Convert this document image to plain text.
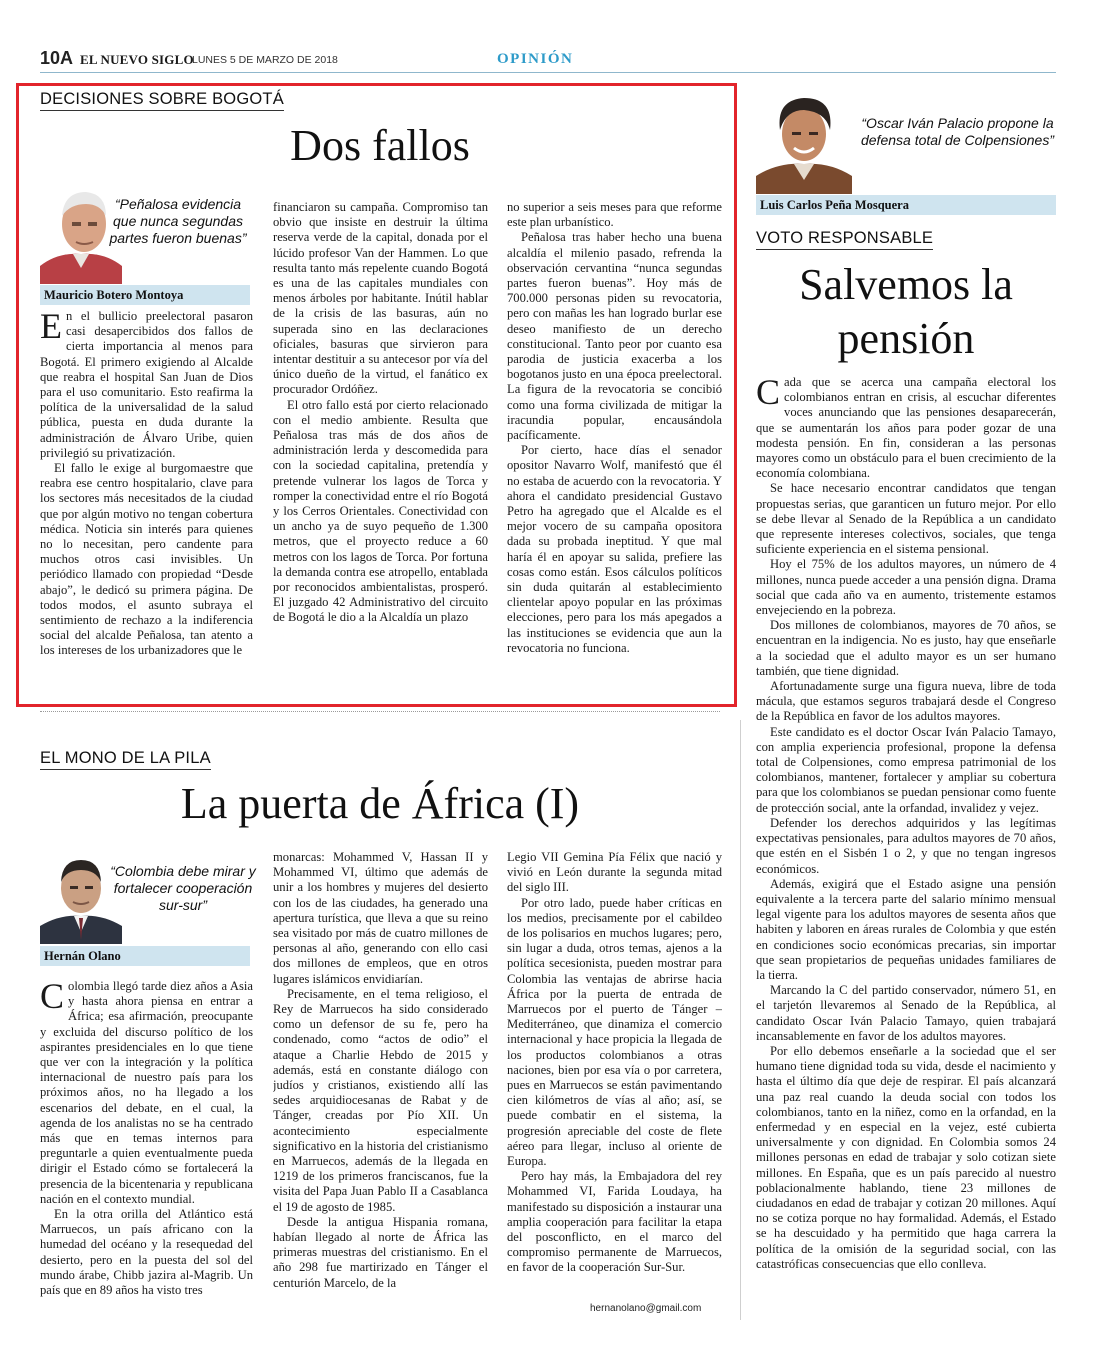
10A EL NUEVO SIGLO
LUNES 5 DE MARZO DE 2018	OPINIÓN
DECISIONES SOBRE BOGOTÁ
Dos fallos
“Peñalosa evidencia que nunca segundas partes fueron buenas”
Mauricio Botero Montoya
E n el bullicio preelectoral pasaron casi desapercibidos dos fallos de cierta importancia al menos para Bogotá. El primero exigiendo al Alcalde que reabra el hospital San Juan de Dios para el uso comunitario. Esto reafirma la política de la universalidad de la salud pública, puesta en duda durante la administración de Álvaro Uribe, quien privilegió su privatización.

El fallo le exige al burgomaestre que reabra ese centro hospitalario, clave para los sectores más necesitados de la ciudad que por algún motivo no tengan cobertura médica. Noticia sin interés para quienes no lo necesitan, pero candente para muchos otros casi invisibles. Un periódico llamado con propiedad “Desde abajo”, le dedicó su primera página. De todos modos, el asunto subraya el sentimiento de rechazo a la indiferencia social del alcalde Peñalosa, tan atento a los intereses de los urbanizadores que le

financiaron su campaña. Compromiso tan obvio que insiste en destruir la última reserva verde de la capital, donada por el lúcido profesor Van der Hammen. Lo que resulta tanto más repelente cuando Bogotá es una de las capitales mundiales con menos árboles por habitante. Inútil hablar de la crisis de las basuras, aún no superada sino en las declaraciones oficiales, basuras que sirvieron para intentar destituir a su antecesor por vía del único dueño de la virtud, el fanático ex procurador Ordóñez.

El otro fallo está por cierto relacionado con el medio ambiente. Resulta que Peñalosa tras más de dos años de administración lerda y descomedida para con la sociedad capitalina, pretendía y pretende vulnerar los lagos de Torca y romper la conectividad entre el río Bogotá y los Cerros Orientales. Conectividad con un ancho ya de suyo pequeño de 1.300 metros, que el proyecto reduce a 60 metros con los lagos de Torca. Por fortuna la demanda contra ese atropello, entablada por reconocidos ambientalistas, prosperó. El juzgado 42 Administrativo del circuito de Bogotá le dio a la Alcaldía un plazo

no superior a seis meses para que reforme este plan urbanístico.

Peñalosa tras haber hecho una buena alcaldía el milenio pasado, refrenda la observación cervantina “nunca segundas partes fueron buenas”. Hoy más de 700.000 personas piden su revocatoria, pero con mañas les han logrado burlar ese deseo manifiesto de un derecho constitucional. Tanto peor por cuanto esa parodia de justicia exacerba a los bogotanos justo en una época preelectoral. La figura de la revocatoria se concibió como una forma civilizada de mitigar la iracundia popular, encausándola pacíficamente.

Por cierto, hace días el senador opositor Navarro Wolf, manifestó que él no estaba de acuerdo con la revocatoria. Y ahora el candidato presidencial Gustavo Petro ha agregado que el Alcalde es el mejor vocero de su campaña opositora dada su probada ineptitud. Y que mal haría él en apoyar su salida, prefiere las cosas como están. Esos cálculos políticos sin duda quitarán al establecimiento clientelar apoyo popular en las próximas elecciones, pero para los más apegados a las instituciones se evidencia que aun la revocatoria no funciona.

EL MONO DE LA PILA
La puerta de África (I)
“Colombia debe mirar y fortalecer cooperación sur-sur”
Hernán Olano
C olombia llegó tarde diez años a Asia y hasta ahora piensa en entrar a África; esa afirmación, preocupante y excluida del discurso político de los aspirantes presidenciales en lo que tiene que ver con la integración y la política internacional de nuestro país para los próximos años, no ha llegado a los escenarios del debate, en el cual, la agenda de los analistas no se ha centrado más que en temas internos para preguntarle a quien eventualmente pueda dirigir el Estado cómo se fortalecerá la presencia de la bicentenaria y republicana nación en el contexto mundial.

En la otra orilla del Atlántico está Marruecos, un país africano con la humedad del océano y la resequedad del desierto, pero en la puesta del sol del mundo árabe, Chibb jazira al-Magrib. Un país que en 89 años ha visto tres

monarcas: Mohammed V, Hassan II y Mohammed VI, último que además de unir a los hombres y mujeres del desierto con los de las ciudades, ha generado una apertura turística, que lleva a que su reino sea visitado por más de cuatro millones de personas al año, generando con ello casi dos millones de empleos, que en otros lugares islámicos envidiarían.

Precisamente, en el tema religioso, el Rey de Marruecos ha sido considerado como un defensor de su fe, pero ha condenado, como “actos de odio” el ataque a Charlie Hebdo de 2015 y además, está en constante diálogo con judíos y cristianos, existiendo allí las sedes arquidiocesanas de Rabat y de Tánger, creadas por Pío XII. Un acontecimiento especialmente significativo en la historia del cristianismo en Marruecos, además de la llegada en 1219 de los primeros franciscanos, fue la visita del Papa Juan Pablo II a Casablanca el 19 de agosto de 1985.

Desde la antigua Hispania romana, habían llegado al norte de África las primeras muestras del cristianismo. En el año 298 fue martirizado en Tánger el centurión Marcelo, de la

Legio VII Gemina Pía Félix que nació y vivió en León durante la segunda mitad del siglo III.

Por otro lado, puede haber críticas en los medios, precisamente por el cabildeo de los polisarios en muchos lugares; pero, sin lugar a duda, otros temas, ajenos a la política secesionista, pueden mostrar para Colombia las ventajas de abrirse hacia África por la puerta de entrada de Marruecos por el puerto de Tánger – Mediterráneo, que dinamiza el comercio internacional y hace propicia la llegada de los productos colombianos a otras naciones, bien por esa vía o por carretera, pues en Marruecos se están pavimentando cien kilómetros de vías al año; así, se puede combatir en el sistema, la progresión apreciable del coste de flete aéreo para llegar, incluso al oriente de Europa.

Pero hay más, la Embajadora del rey Mohammed VI, Farida Loudaya, ha manifestado su disposición a instaurar una amplia cooperación para facilitar la etapa del posconflicto, en el marco del compromiso permanente de Marruecos, en favor de la cooperación Sur-Sur.

hernanolano@gmail.com
“Oscar Iván Palacio propone la defensa total de Colpensiones”
Luis Carlos Peña Mosquera
VOTO RESPONSABLE
Salvemos la
pensión
C ada que se acerca una campaña electoral los colombianos entran en crisis, al escuchar diferentes voces anunciando que las pensiones desaparecerán, que se aumentarán los años para poder gozar de una modesta pensión. En fin, consideran a las personas mayores como un obstáculo para el buen crecimiento de la economía colombiana.

Se hace necesario encontrar candidatos que tengan propuestas serias, que garanticen un futuro mejor. Por ello se debe llevar al Senado de la República a un candidato que represente intereses colectivos, sociales, que tenga suficiente experiencia en el sistema pensional.

Hoy el 75% de los adultos mayores, un número de 4 millones, nunca puede acceder a una pensión digna. Drama social que cada año va en aumento, tristemente estamos envejeciendo en la pobreza.

Dos millones de colombianos, mayores de 70 años, se encuentran en la indigencia. No es justo, hay que enseñarle a la sociedad que el adulto mayor es un ser humano también, que tiene dignidad.

Afortunadamente surge una figura nueva, libre de toda mácula, que estamos seguros trabajará desde el Congreso de la República en favor de los adultos mayores.

Este candidato es el doctor Oscar Iván Palacio Tamayo, con amplia experiencia profesional, propone la defensa total de Colpensiones, como empresa patrimonial de los colombianos, mantener, fortalecer y ampliar su cobertura para que los colombianos se puedan pensionar como fuente de protección social, ante la orfandad, invalidez y vejez.

Defender los derechos adquiridos y las legítimas expectativas pensionales, para adultos mayores de 70 años, que estén en el Sisbén 1 o 2, y que no tengan ingresos económicos.

Además, exigirá que el Estado asigne una pensión equivalente a la tercera parte del salario mínimo mensual legal vigente para los adultos mayores de sesenta años que habiten y laboren en áreas rurales de Colombia y que estén en condiciones socio económicas precarias, sin importar que sean propietarios de pequeñas unidades familiares de la tierra.

Marcando la C del partido conservador, número 51, en el tarjetón llevaremos al Senado de la República, al candidato Oscar Iván Palacio Tamayo, quien trabajará incansablemente en favor de los adultos mayores.

Por ello debemos enseñarle a la sociedad que el ser humano tiene dignidad toda su vida, desde el nacimiento y hasta el último día que deje de respirar. El país alcanzará una paz real cuando la deuda social con todos los colombianos, tanto en la niñez, como en la orfandad, en la enfermedad y en especial en la vejez, esté cubierta universalmente y con dignidad. En Colombia somos 24 millones personas en edad de trabajar y solo cotizan siete millones. En España, que es un país parecido al nuestro poblacionalmente hablando, tiene 23 millones de ciudadanos en edad de trabajar y cotizan 20 millones. Aquí no se cotiza porque no hay formalidad. Además, el Estado se ha descuidado y ha permitido que haga carrera la política de la omisión de la seguridad social, con las catastróficas consecuencias que ello conlleva.
